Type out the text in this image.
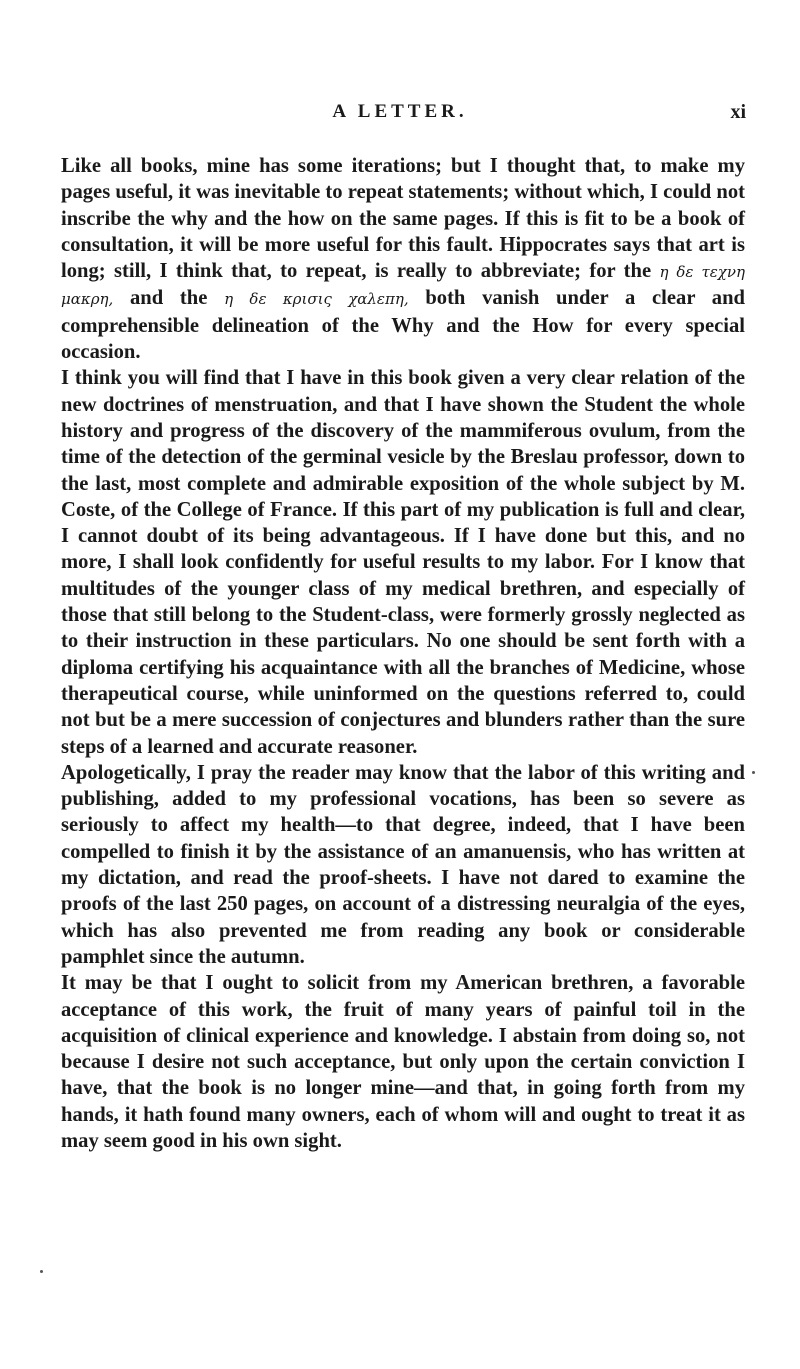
A LETTER.	xi

Like all books, mine has some iterations; but I thought that, to make my pages useful, it was inevitable to repeat statements; without which, I could not inscribe the why and the how on the same pages. If this is fit to be a book of consultation, it will be more useful for this fault. Hippocrates says that art is long; still, I think that, to repeat, is really to abbreviate; for the η δε τεχνη μακρη, and the η δε κρισις χαλεπη, both vanish under a clear and comprehensible delineation of the Why and the How for every special occasion.

I think you will find that I have in this book given a very clear relation of the new doctrines of menstruation, and that I have shown the Student the whole history and progress of the discovery of the mammiferous ovulum, from the time of the detection of the germinal vesicle by the Breslau professor, down to the last, most complete and admirable exposition of the whole subject by M. Coste, of the College of France. If this part of my publication is full and clear, I cannot doubt of its being advantageous. If I have done but this, and no more, I shall look confidently for useful results to my labor. For I know that multitudes of the younger class of my medical brethren, and especially of those that still belong to the Student-class, were formerly grossly neglected as to their instruction in these particulars. No one should be sent forth with a diploma certifying his acquaintance with all the branches of Medicine, whose therapeutical course, while uninformed on the questions referred to, could not but be a mere succession of conjectures and blunders rather than the sure steps of a learned and accurate reasoner.

Apologetically, I pray the reader may know that the labor of this writing and publishing, added to my professional vocations, has been so severe as seriously to affect my health—to that degree, indeed, that I have been compelled to finish it by the assistance of an amanuensis, who has written at my dictation, and read the proof-sheets. I have not dared to examine the proofs of the last 250 pages, on account of a distressing neuralgia of the eyes, which has also prevented me from reading any book or considerable pamphlet since the autumn.

It may be that I ought to solicit from my American brethren, a favorable acceptance of this work, the fruit of many years of painful toil in the acquisition of clinical experience and knowledge. I abstain from doing so, not because I desire not such acceptance, but only upon the certain conviction I have, that the book is no longer mine—and that, in going forth from my hands, it hath found many owners, each of whom will and ought to treat it as may seem good in his own sight.
